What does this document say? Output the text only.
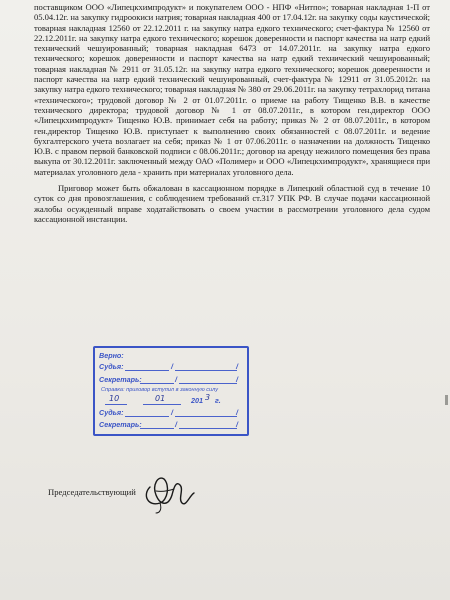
поставщиком ООО «Липецкхимпродукт» и покупателем ООО - НПФ «Нитпо»; товарная накладная 1-П от 05.04.12г. на закупку гидроокиси натрия; товарная накладная 400 от 17.04.12г. на закупку соды каустической; товарная накладная 12560 от 22.12.2011 г. на закупку натра едкого технического; счет-фактура № 12560 от 22.12.2011г. на закупку натра едкого технического; корешок доверенности и паспорт качества на натр едкий технический чешуированный; товарная накладная 6473 от 14.07.2011г. на закупку натра едкого технического; корешок доверенности и паспорт качества на натр едкий технический чешуированный; товарная накладная № 2911 от 31.05.12г. на закупку натра едкого технического; корешок доверенности и паспорт качества на натр едкий технический чешуированный, счет-фактура № 12911 от 31.05.2012г. на закупку натра едкого технического; товарная накладная № 380 от 29.06.2011г. на закупку тетрахлорид титана «технического»; трудовой договор № 2 от 01.07.2011г. о приеме на работу Тищенко В.В. в качестве технического директора; трудовой договор № 1 от 08.07.2011г., в котором ген.директор ООО «Липецкхимпродукт» Тищенко Ю.В. принимает себя на работу; приказ № 2 от 08.07.2011г., в котором ген.директор Тищенко Ю.В. приступает к выполнению своих обязанностей с 08.07.2011г. и ведение бухгалтерского учета возлагает на себя; приказ № 1 от 07.06.2011г. о назначении на должность Тищенко Ю.В. с правом первой банковской подписи с 08.06.2011г.; договор на аренду нежилого помещения без права выкупа от 30.12.2011г. заключенный между ОАО «Полимер» и ООО «Липецкхимпродукт», хранящиеся при материалах уголовного дела - хранить при материалах уголовного дела.

Приговор может быть обжалован в кассационном порядке в Липецкий областной суд в течение 10 суток со дня провозглашения, с соблюдением требований ст.317 УПК РФ. В случае подачи кассационной жалобы осужденный вправе ходатайствовать о своем участии в рассмотрении уголовного дела судом кассационной инстанции.

Верно:
Судья:	/	/
Секретарь:	/	/
Справка: приговор вступил в законную силу
10	01	201 3 г.
Судья:	/	/
Секретарь:	/	/
Председательствующий
